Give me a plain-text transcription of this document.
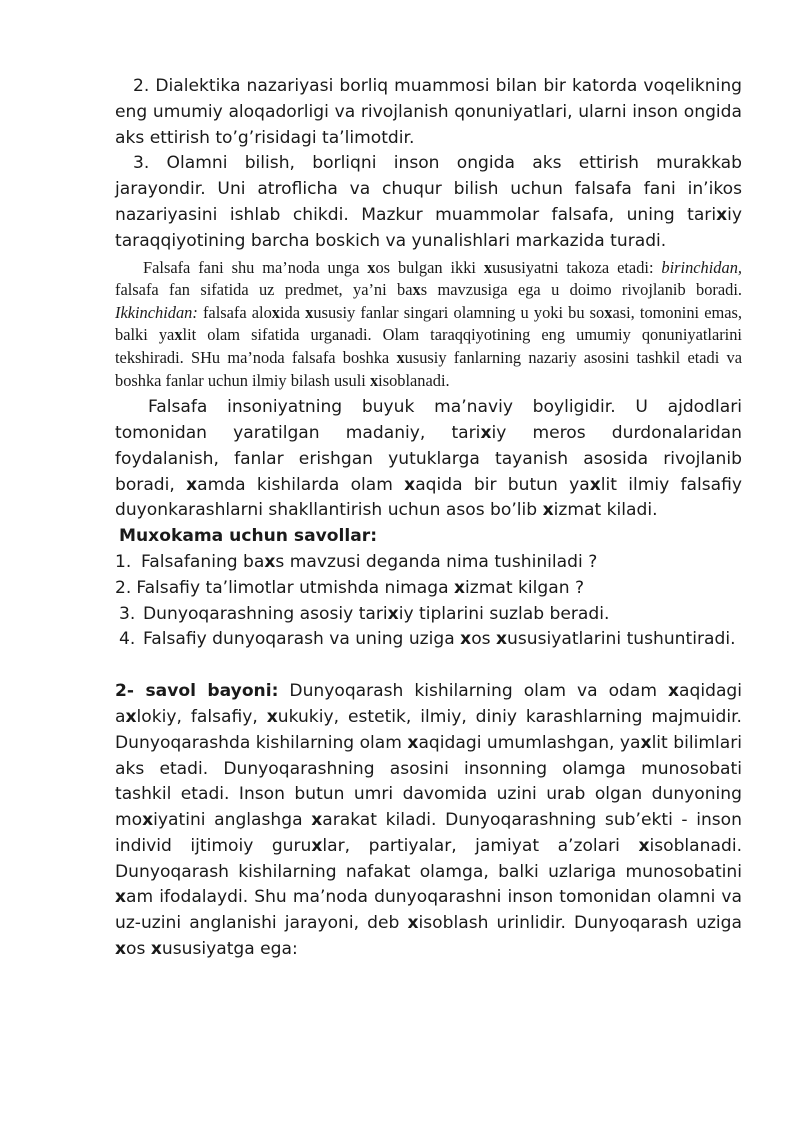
2. Dialektika nazariyasi borliq muammosi bilan bir katorda voqelikning eng umumiy aloqadorligi va rivojlanish qonuniyatlari, ularni inson ongida aks ettirish to’g’risidagi ta’limotdir.

3. Olamni bilish, borliqni inson ongida aks ettirish murakkab jarayondir. Uni atroflicha va chuqur bilish uchun falsafa fani in’ikos nazariyasini ishlab chikdi. Mazkur muammolar falsafa, uning tarixiy taraqqiyotining barcha boskich va yunalishlari markazida turadi.

Falsafa fani shu ma’noda unga xos bulgan ikki xususiyatni takoza etadi: birinchidan, falsafa fan sifatida uz predmet, ya’ni baxs mavzusiga ega u doimo rivojlanib boradi. Ikkinchidan: falsafa aloxida xususiy fanlar singari olamning u yoki bu soxasi, tomonini emas, balki yaxlit olam sifatida urganadi. Olam taraqqiyotining eng umumiy qonuniyatlarini tekshiradi. SHu ma’noda falsafa boshka xususiy fanlarning nazariy asosini tashkil etadi va boshka fanlar uchun ilmiy bilash usuli xisoblanadi.

Falsafa insoniyatning buyuk ma’naviy boyligidir. U ajdodlari tomonidan yaratilgan madaniy, tarixiy meros durdonalaridan foydalanish, fanlar erishgan yutuklarga tayanish asosida rivojlanib boradi, xamda kishilarda olam xaqida bir butun yaxlit ilmiy falsafiy duyonkarashlarni shakllantirish uchun asos bo’lib xizmat kiladi.

Muxokama uchun savollar:

1. Falsafaning baxs mavzusi deganda nima tushiniladi ?
2. Falsafiy ta’limotlar utmishda nimaga xizmat kilgan ?
3. Dunyoqarashning asosiy tarixiy tiplarini suzlab beradi.
4. Falsafiy dunyoqarash va uning uziga xos xususiyatlarini tushuntiradi.

2- savol bayoni: Dunyoqarash kishilarning olam va odam xaqidagi axlokiy, falsafiy, xukukiy, estetik, ilmiy, diniy karashlarning majmuidir. Dunyoqarashda kishilarning olam xaqidagi umumlashgan, yaxlit bilimlari aks etadi. Dunyoqarashning asosini insonning olamga munosobati tashkil etadi. Inson butun umri davomida uzini urab olgan dunyoning moxiyatini anglashga xarakat kiladi. Dunyoqarashning sub’ekti - inson individ ijtimoiy guruxlar, partiyalar, jamiyat a’zolari xisoblanadi. Dunyoqarash kishilarning nafakat olamga, balki uzlariga munosobatini xam ifodalaydi. Shu ma’noda dunyoqarashni inson tomonidan olamni va uz-uzini anglanishi jarayoni, deb xisoblash urinlidir. Dunyoqarash uziga xos xususiyatga ega:
